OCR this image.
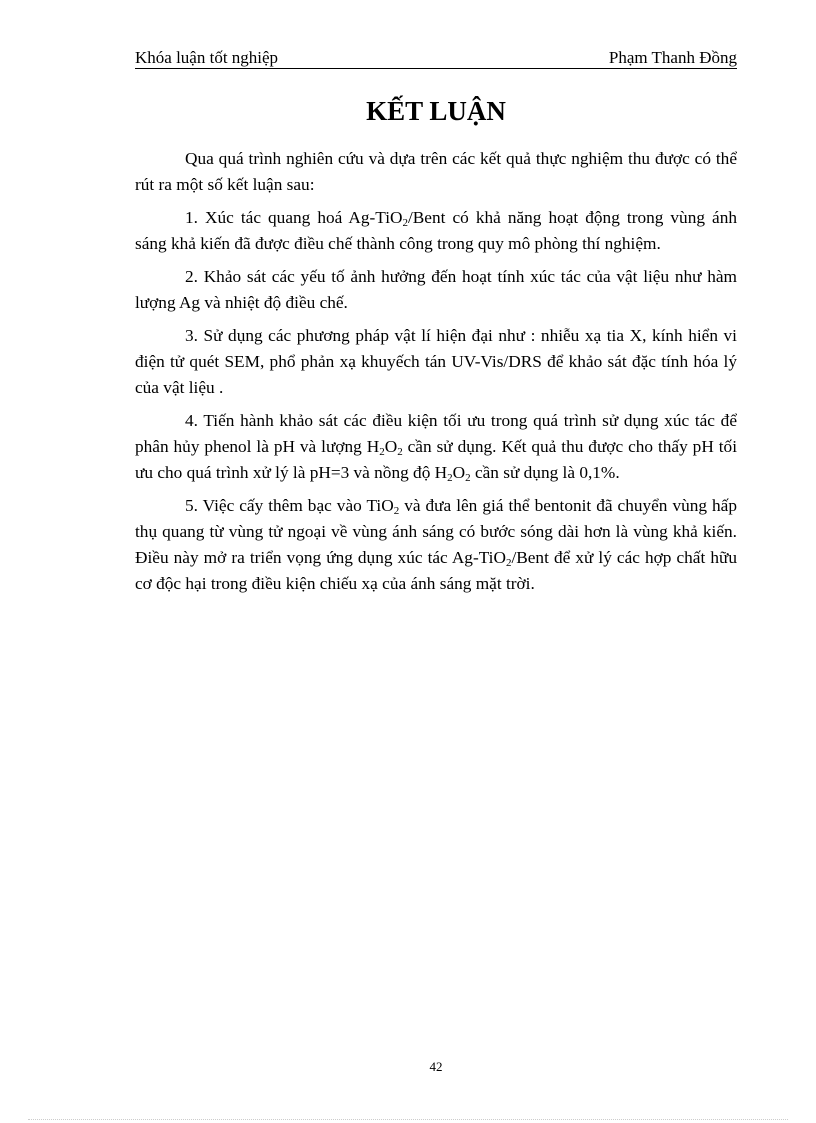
Khóa luận tốt nghiệp	Phạm Thanh Đồng
KẾT LUẬN

Qua quá trình nghiên cứu và dựa trên các kết quả thực nghiệm thu được có thể rút ra một số kết luận sau:

1. Xúc tác quang hoá Ag-TiO$_2$/Bent có khả năng hoạt động trong vùng ánh sáng khả kiến đã được điều chế thành công trong quy mô phòng thí nghiệm.

2. Khảo sát các yếu tố ảnh hưởng đến hoạt tính xúc tác của vật liệu như hàm lượng Ag và nhiệt độ điều chế.

3. Sử dụng các phương pháp vật lí hiện đại như : nhiễu xạ tia X, kính hiển vi điện tử quét SEM, phổ phản xạ khuyếch tán UV-Vis/DRS để khảo sát đặc tính hóa lý của vật liệu .

4. Tiến hành khảo sát các điều kiện tối ưu trong quá trình sử dụng xúc tác để phân hủy phenol là pH và lượng $H_2O_2$ cần sử dụng. Kết quả thu được cho thấy pH tối ưu cho quá trình xử lý là pH=3 và nồng độ $H_2O_2$ cần sử dụng là 0,1%.

5. Việc cấy thêm bạc vào TiO$_2$ và đưa lên giá thể bentonit đã chuyển vùng hấp thụ quang từ vùng tử ngoại về vùng ánh sáng có bước sóng dài hơn là vùng khả kiến. Điều này mở ra triển vọng ứng dụng xúc tác Ag-TiO$_2$/Bent để xử lý các hợp chất hữu cơ độc hại trong điều kiện chiếu xạ của ánh sáng mặt trời.

42
